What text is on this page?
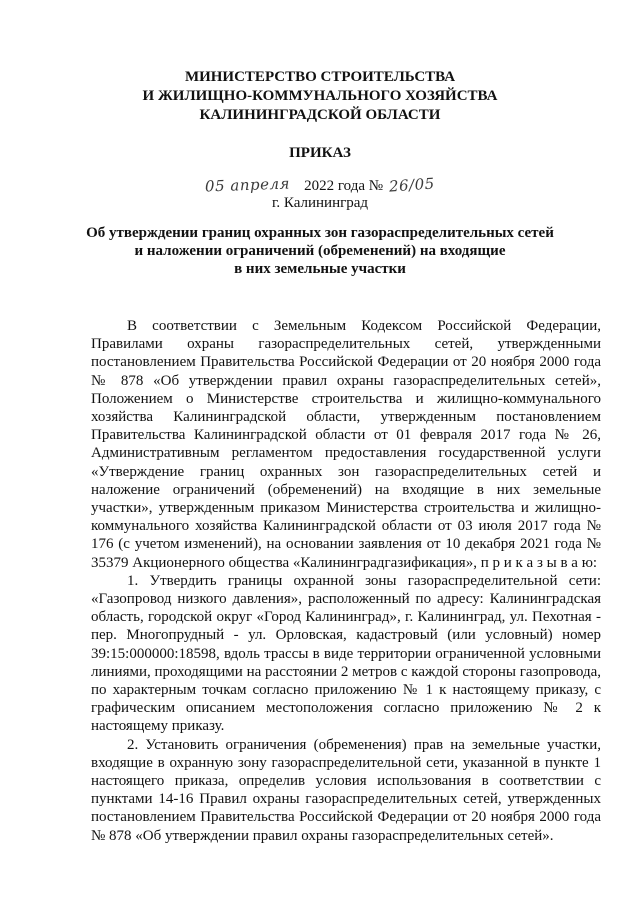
МИНИСТЕРСТВО СТРОИТЕЛЬСТВА
И ЖИЛИЩНО-КОММУНАЛЬНОГО ХОЗЯЙСТВА
КАЛИНИНГРАДСКОЙ ОБЛАСТИ
ПРИКАЗ
05 апреля 2022 года № 26/05
г. Калининград
Об утверждении границ охранных зон газораспределительных сетей
и наложении ограничений (обременений) на входящие
в них земельные участки

В соответствии с Земельным Кодексом Российской Федерации, Правилами охраны газораспределительных сетей, утвержденными постановлением Правительства Российской Федерации от 20 ноября 2000 года № 878 «Об утверждении правил охраны газораспределительных сетей», Положением о Министерстве строительства и жилищно-коммунального хозяйства Калининградской области, утвержденным постановлением Правительства Калининградской области от 01 февраля 2017 года № 26, Административным регламентом предоставления государственной услуги «Утверждение границ охранных зон газораспределительных сетей и наложение ограничений (обременений) на входящие в них земельные участки», утвержденным приказом Министерства строительства и жилищно-коммунального хозяйства Калининградской области от 03 июля 2017 года № 176 (с учетом изменений), на основании заявления от 10 декабря 2021 года № 35379 Акционерного общества «Калининградгазификация», п р и к а з ы в а ю:

1. Утвердить границы охранной зоны газораспределительной сети: «Газопровод низкого давления», расположенный по адресу: Калининградская область, городской округ «Город Калининград», г. Калининград, ул. Пехотная - пер. Многопрудный - ул. Орловская, кадастровый (или условный) номер 39:15:000000:18598, вдоль трассы в виде территории ограниченной условными линиями, проходящими на расстоянии 2 метров с каждой стороны газопровода, по характерным точкам согласно приложению № 1 к настоящему приказу, с графическим описанием местоположения согласно приложению № 2 к настоящему приказу.

2. Установить ограничения (обременения) прав на земельные участки, входящие в охранную зону газораспределительной сети, указанной в пункте 1 настоящего приказа, определив условия использования в соответствии с пунктами 14-16 Правил охраны газораспределительных сетей, утвержденных постановлением Правительства Российской Федерации от 20 ноября 2000 года № 878 «Об утверждении правил охраны газораспределительных сетей».
